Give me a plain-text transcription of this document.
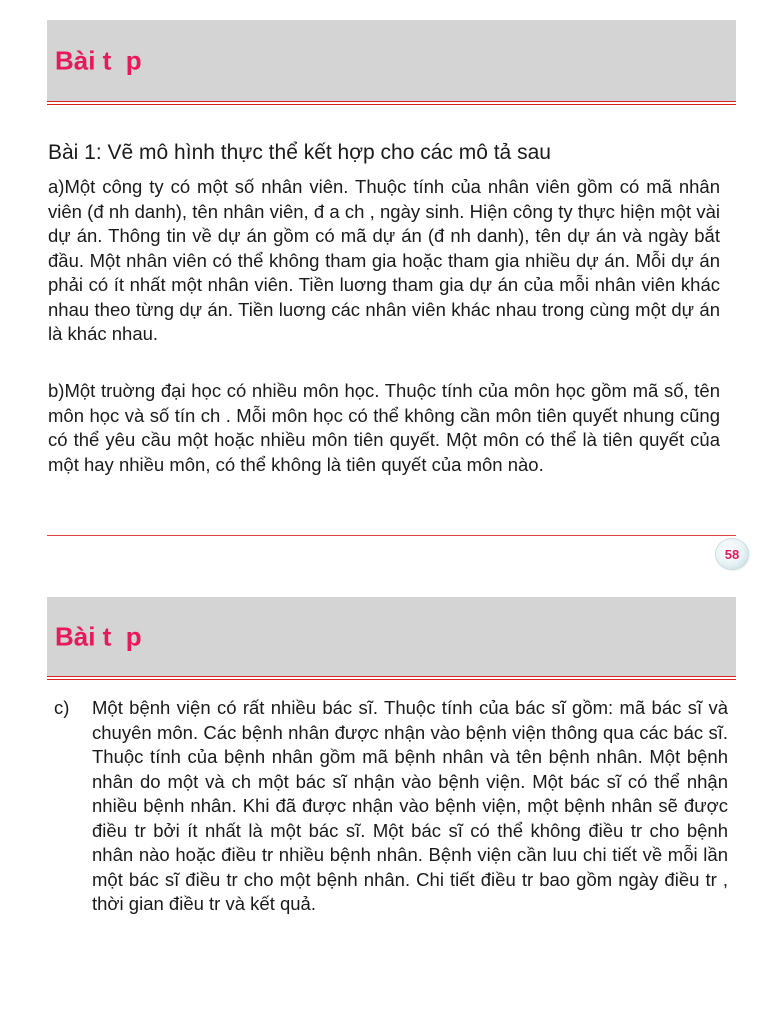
Bài t  p
Bài 1: Vẽ mô hình thực thể kết hợp cho các mô tả sau
a)Một công ty có một số nhân viên. Thuộc tính của nhân viên gồm có mã nhân viên (đ nh danh), tên nhân viên, đ a ch , ngày sinh. Hiện công ty thực hiện một vài dự án. Thông tin về dự án gồm có mã dự án (đ nh danh), tên dự án và ngày bắt đầu. Một nhân viên có thể không tham gia hoặc tham gia nhiều dự án. Mỗi dự án phải có ít nhất một nhân viên. Tiền luơng tham gia dự án của mỗi nhân viên khác nhau theo từng dự án. Tiền luơng các nhân viên khác nhau trong cùng một dự án là khác nhau.
b)Một truờng đại học có nhiều môn học. Thuộc tính của môn học gồm mã số, tên môn học và số tín ch . Mỗi môn học có thể không cần môn tiên quyết nhung cũng có thể yêu cầu một hoặc nhiều môn tiên quyết. Một môn có thể là tiên quyết của một hay nhiều môn, có thể không là tiên quyết của môn nào.
58
Bài t  p
c) Một bệnh viện có rất nhiều bác sĩ. Thuộc tính của bác sĩ gồm: mã bác sĩ và chuyên môn. Các bệnh nhân được nhận vào bệnh viện thông qua các bác sĩ. Thuộc tính của bệnh nhân gồm mã bệnh nhân và tên bệnh nhân. Một bệnh nhân do một và ch một bác sĩ nhận vào bệnh viện. Một bác sĩ có thể nhận nhiều bệnh nhân. Khi đã được nhận vào bệnh viện, một bệnh nhân sẽ được điều tr bởi ít nhất là một bác sĩ. Một bác sĩ có thể không điều tr cho bệnh nhân nào hoặc điều tr nhiều bệnh nhân. Bệnh viện cần luu chi tiết về mỗi lần một bác sĩ điều tr cho một bệnh nhân. Chi tiết điều tr bao gồm ngày điều tr , thời gian điều tr và kết quả.
